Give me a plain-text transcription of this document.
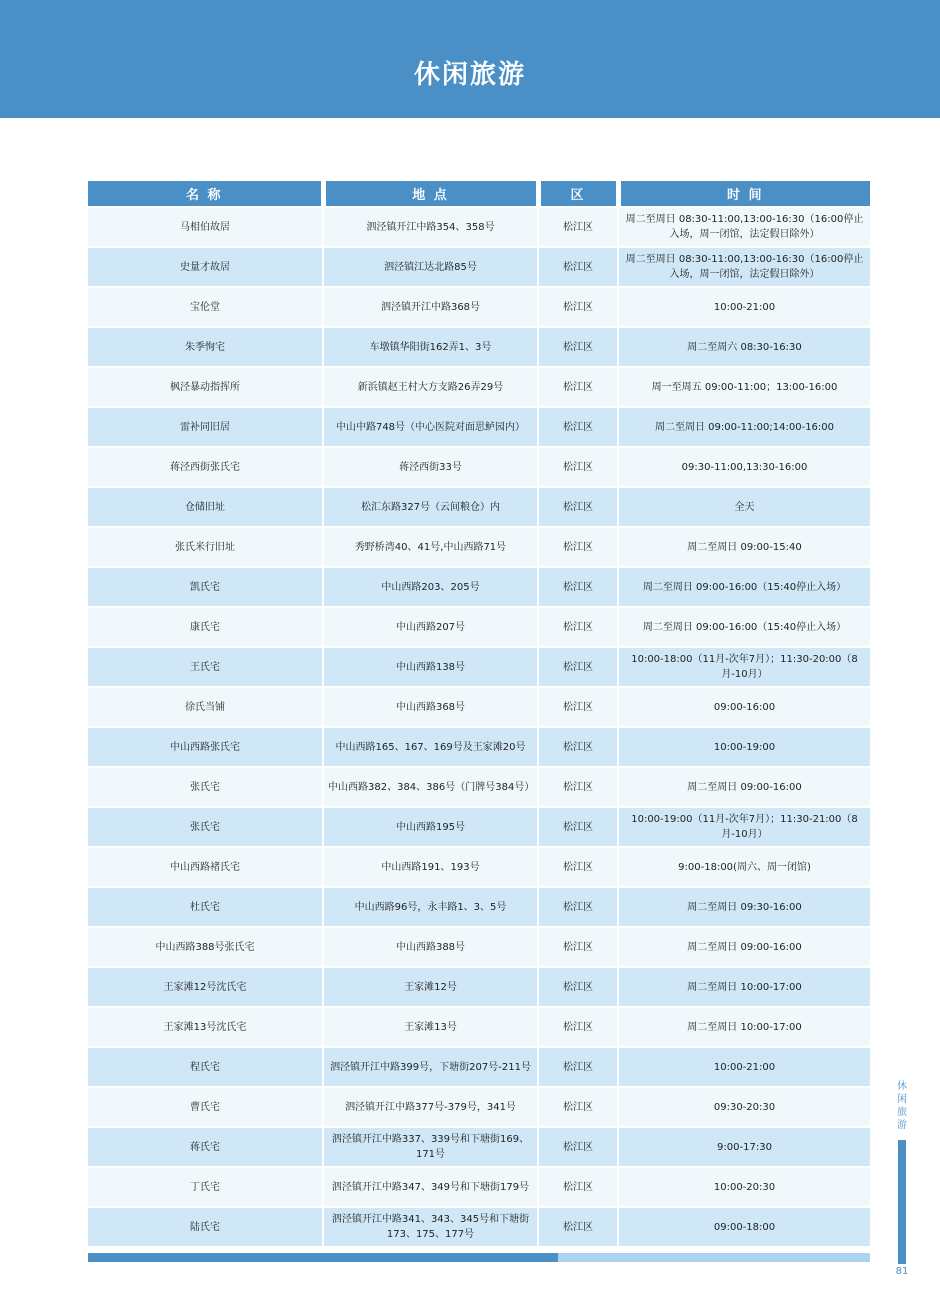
休闲旅游
名 称	地 点	区	时 间
马相伯故居	泗泾镇开江中路354、358号	松江区	周二至周日 08:30-11:00,13:00-16:30（16:00停止入场，周一闭馆，法定假日除外）
史量才故居	泗泾镇江达北路85号	松江区	周二至周日 08:30-11:00,13:00-16:30（16:00停止入场，周一闭馆，法定假日除外）
宝伦堂	泗泾镇开江中路368号	松江区	10:00-21:00
朱季恂宅	车墩镇华阳街162弄1、3号	松江区	周二至周六 08:30-16:30
枫泾暴动指挥所	新浜镇赵王村大方支路26弄29号	松江区	周一至周五 09:00-11:00；13:00-16:00
雷补同旧居	中山中路748号（中心医院对面思鲈园内）	松江区	周二至周日 09:00-11:00;14:00-16:00
蒋泾西街张氏宅	蒋泾西街33号	松江区	09:30-11:00,13:30-16:00
仓储旧址	松汇东路327号（云间粮仓）内	松江区	全天
张氏米行旧址	秀野桥湾40、41号,中山西路71号	松江区	周二至周日 09:00-15:40
凯氏宅	中山西路203、205号	松江区	周二至周日 09:00-16:00（15:40停止入场）
康氏宅	中山西路207号	松江区	周二至周日 09:00-16:00（15:40停止入场）
王氏宅	中山西路138号	松江区	10:00-18:00（11月-次年7月）；11:30-20:00（8月-10月）
徐氏当铺	中山西路368号	松江区	09:00-16:00
中山西路张氏宅	中山西路165、167、169号及王家滩20号	松江区	10:00-19:00
张氏宅	中山西路382、384、386号（门牌号384号）	松江区	周二至周日 09:00-16:00
张氏宅	中山西路195号	松江区	10:00-19:00（11月-次年7月）；11:30-21:00（8月-10月）
中山西路褚氏宅	中山西路191、193号	松江区	9:00-18:00(周六、周一闭馆)
杜氏宅	中山西路96号，永丰路1、3、5号	松江区	周二至周日 09:30-16:00
中山西路388号张氏宅	中山西路388号	松江区	周二至周日 09:00-16:00
王家滩12号沈氏宅	王家滩12号	松江区	周二至周日 10:00-17:00
王家滩13号沈氏宅	王家滩13号	松江区	周二至周日 10:00-17:00
程氏宅	泗泾镇开江中路399号，下塘街207号-211号	松江区	10:00-21:00
曹氏宅	泗泾镇开江中路377号-379号，341号	松江区	09:30-20:30
蒋氏宅	泗泾镇开江中路337、339号和下塘街169、171号	松江区	9:00-17:30
丁氏宅	泗泾镇开江中路347、349号和下塘街179号	松江区	10:00-20:30
陆氏宅	泗泾镇开江中路341、343、345号和下塘街173、175、177号	松江区	09:00-18:00
休闲旅游
81
